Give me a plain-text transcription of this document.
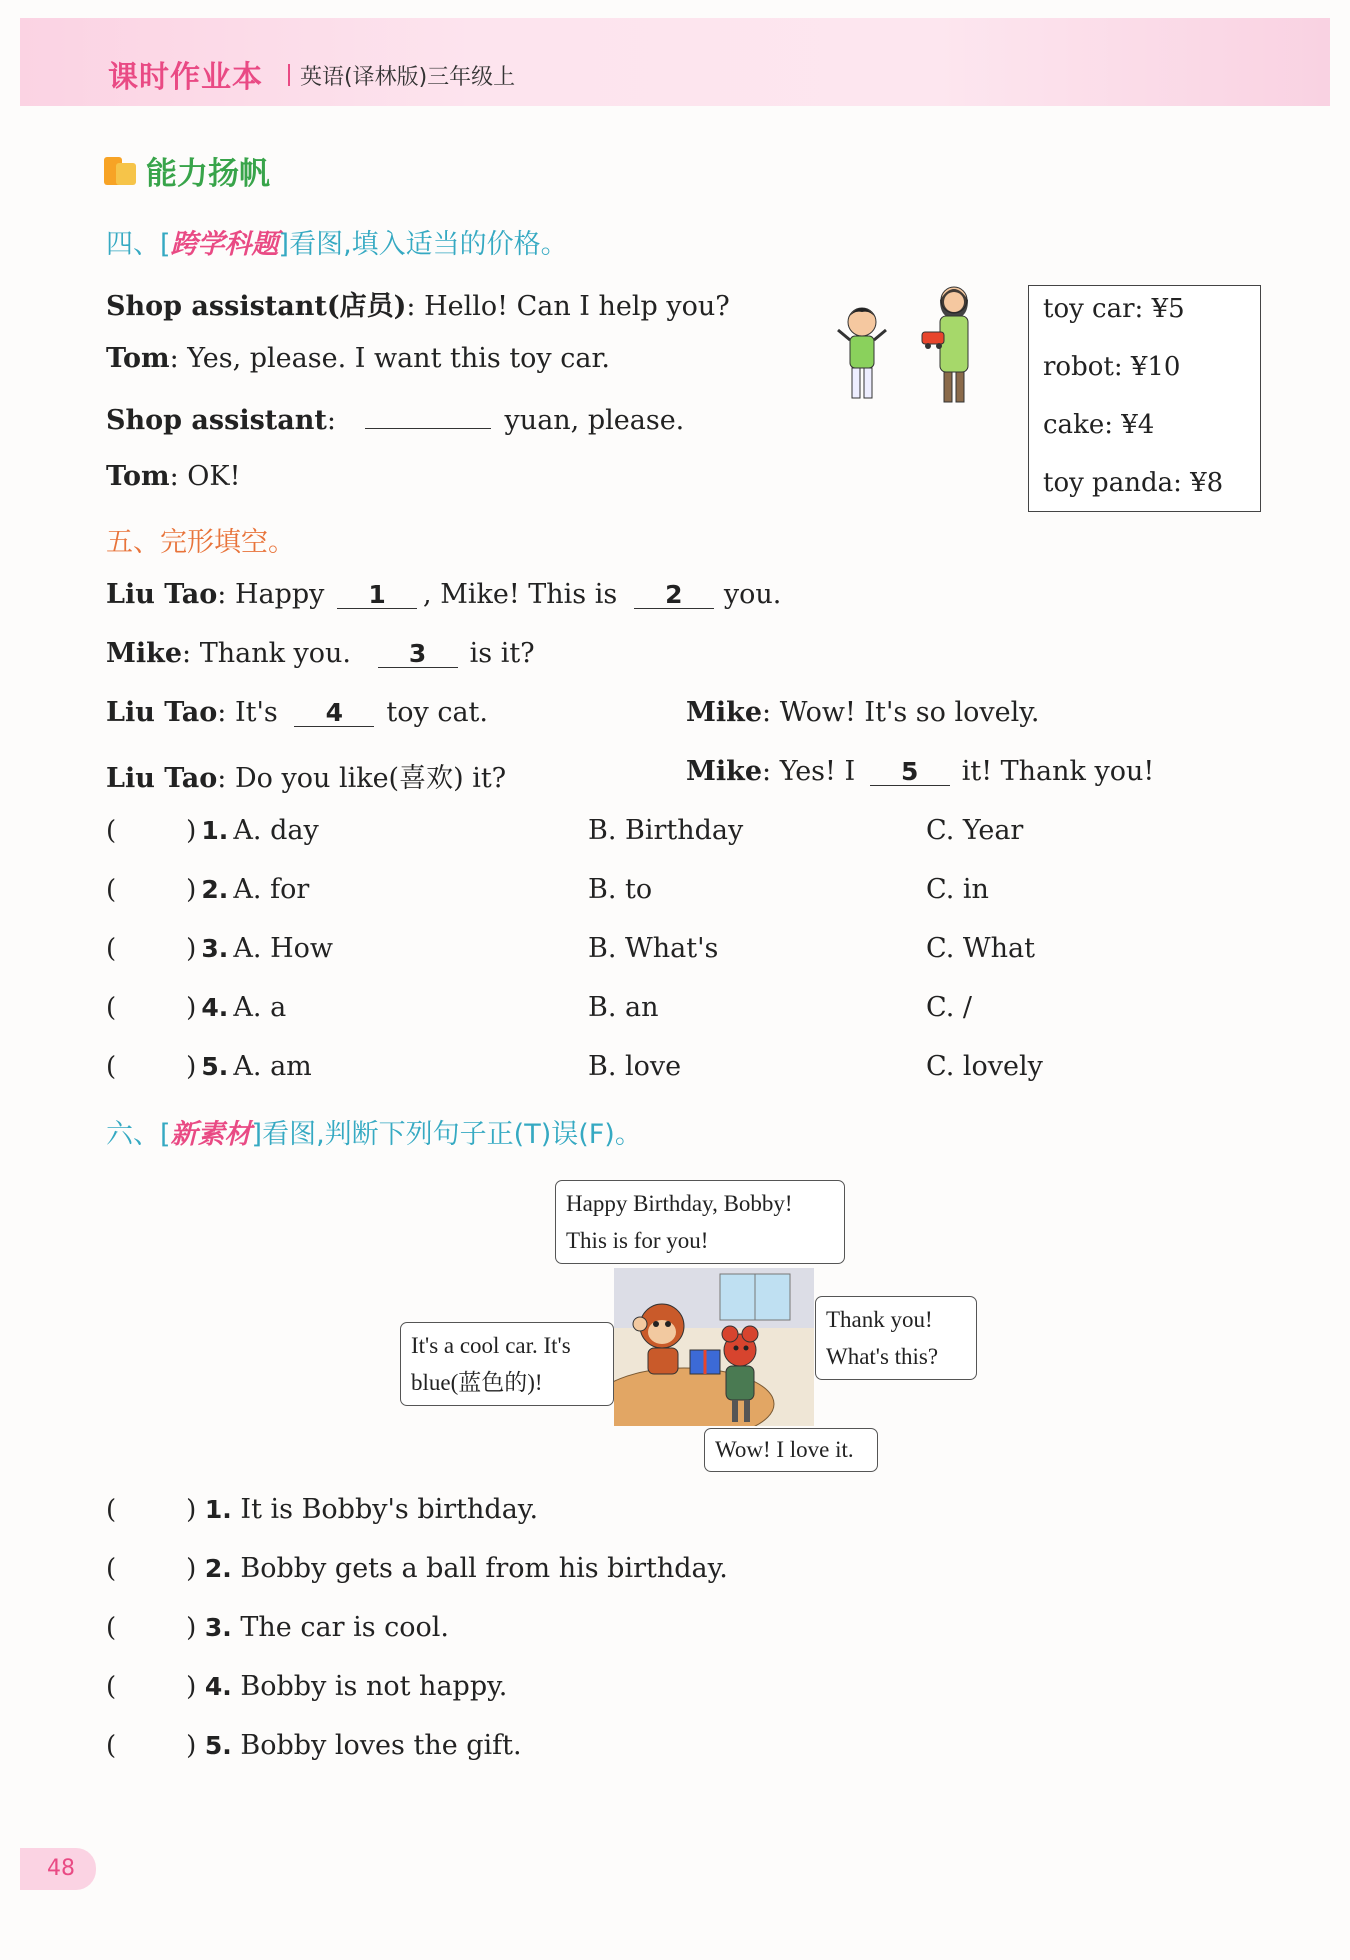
课时作业本 英语(译林版)三年级上
能力扬帆
四、[跨学科题]看图,填入适当的价格。
Shop assistant(店员): Hello! Can I help you?
Tom: Yes, please. I want this toy car.
Shop assistant:	yuan, please.
Tom: OK!
toy car: ¥5
robot: ¥10
cake: ¥4
toy panda: ¥8
五、完形填空。
Liu Tao: Happy 1 , Mike! This is 2 you.
Mike: Thank you. 3 is it?
Liu Tao: It's 4 toy cat.	Mike: Wow! It's so lovely.
Liu Tao: Do you like(喜欢) it?	Mike: Yes! I 5 it! Thank you!
(	) 1. A. day	B. Birthday	C. Year
(	) 2. A. for	B. to	C. in
(	) 3. A. How	B. What's	C. What
(	) 4. A. a	B. an	C. /
(	) 5. A. am	B. love	C. lovely
六、[新素材]看图,判断下列句子正(T)误(F)。
Happy Birthday, Bobby!
This is for you!
It's a cool car. It's
blue(蓝色的)!
Thank you!
What's this?
Wow! I love it.
(	) 1. It is Bobby's birthday.
(	) 2. Bobby gets a ball from his birthday.
(	) 3. The car is cool.
(	) 4. Bobby is not happy.
(	) 5. Bobby loves the gift.
48
